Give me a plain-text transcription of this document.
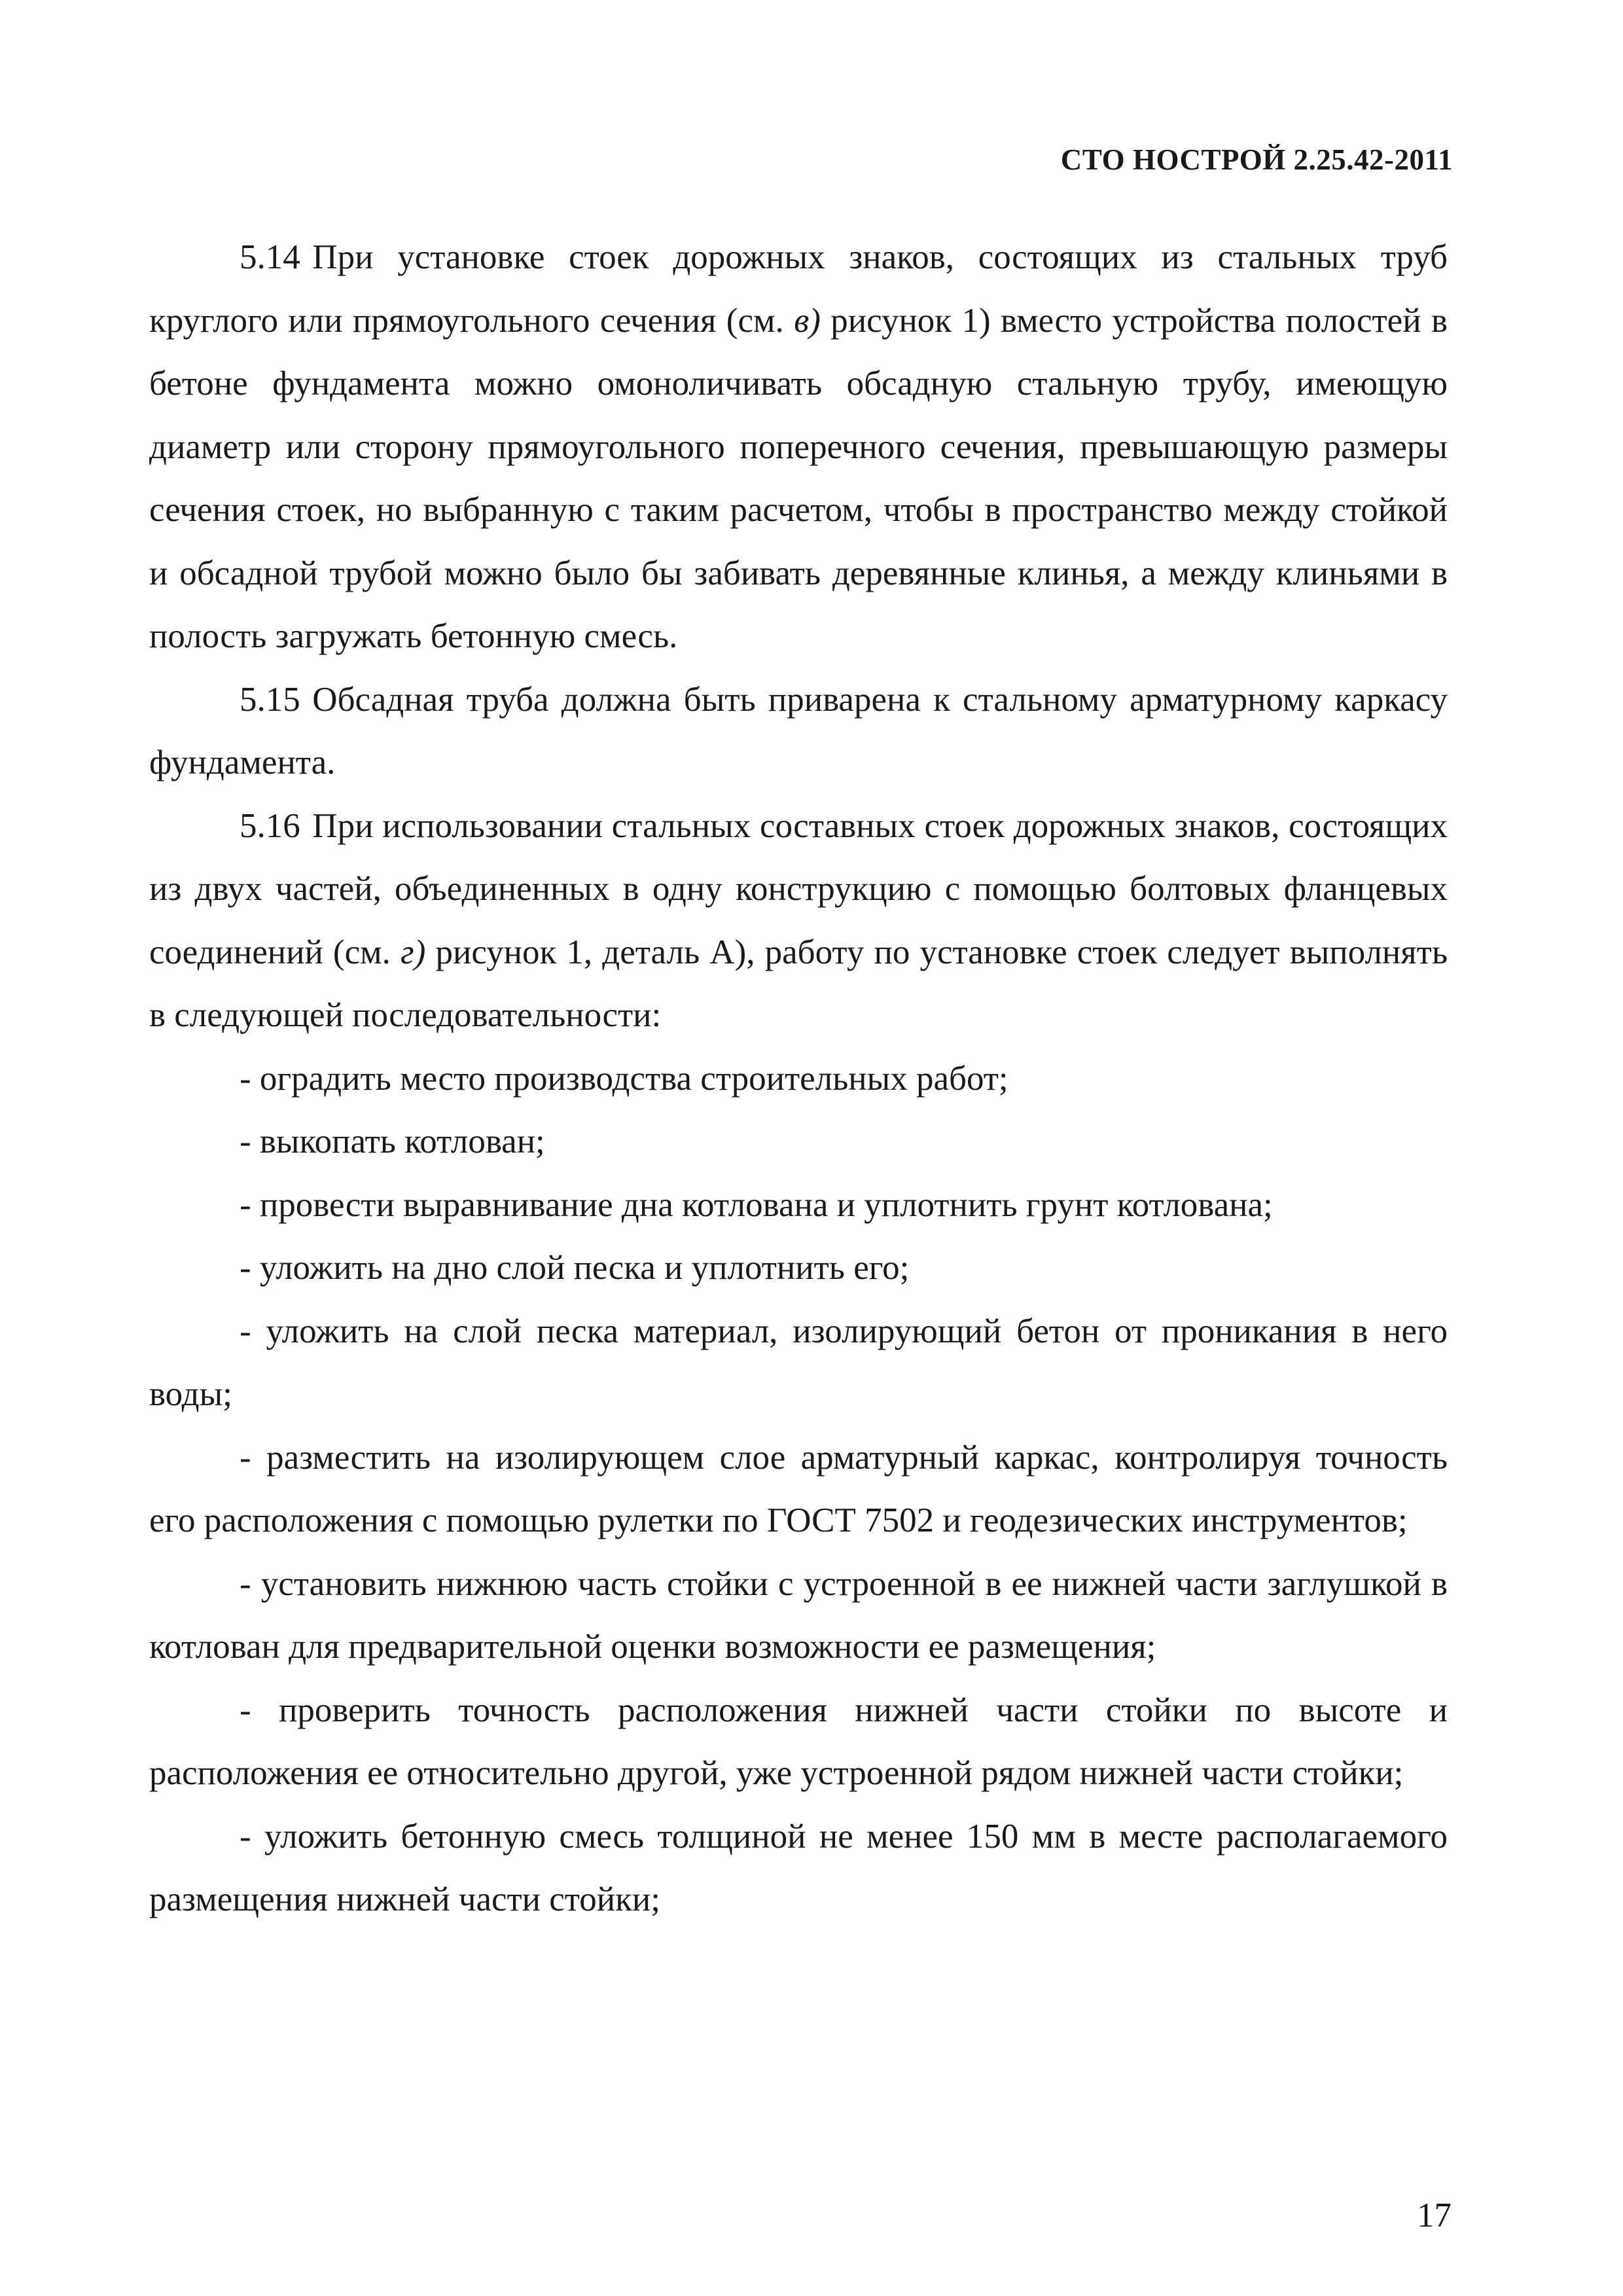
СТО НОСТРОЙ 2.25.42-2011

5.14 При установке стоек дорожных знаков, состоящих из стальных труб круглого или прямоугольного сечения (см. в) рисунок 1) вместо устройства полостей в бетоне фундамента можно омоноличивать обсадную стальную трубу, имеющую диаметр или сторону прямоугольного поперечного сечения, превышающую размеры сечения стоек, но выбранную с таким расчетом, чтобы в пространство между стойкой и обсадной трубой можно было бы забивать деревянные клинья, а между клиньями в полость загружать бетонную смесь.

5.15 Обсадная труба должна быть приварена к стальному арматурному каркасу фундамента.

5.16 При использовании стальных составных стоек дорожных знаков, состоящих из двух частей, объединенных в одну конструкцию с помощью болтовых фланцевых соединений (см. г) рисунок 1, деталь А), работу по установке стоек следует выполнять в следующей последовательности:

- оградить место производства строительных работ;

- выкопать котлован;

- провести выравнивание дна котлована и уплотнить грунт котлована;

- уложить на дно слой песка и уплотнить его;

- уложить на слой песка материал, изолирующий бетон от проникания в него воды;

- разместить на изолирующем слое арматурный каркас, контролируя точность его расположения с помощью рулетки по ГОСТ 7502 и геодезических инструментов;

- установить нижнюю часть стойки с устроенной в ее нижней части заглушкой в котлован для предварительной оценки возможности ее размещения;

- проверить точность расположения нижней части стойки по высоте и расположения ее относительно другой, уже устроенной рядом нижней части стойки;

- уложить бетонную смесь толщиной не менее 150 мм в месте располагаемого размещения нижней части стойки;

17
